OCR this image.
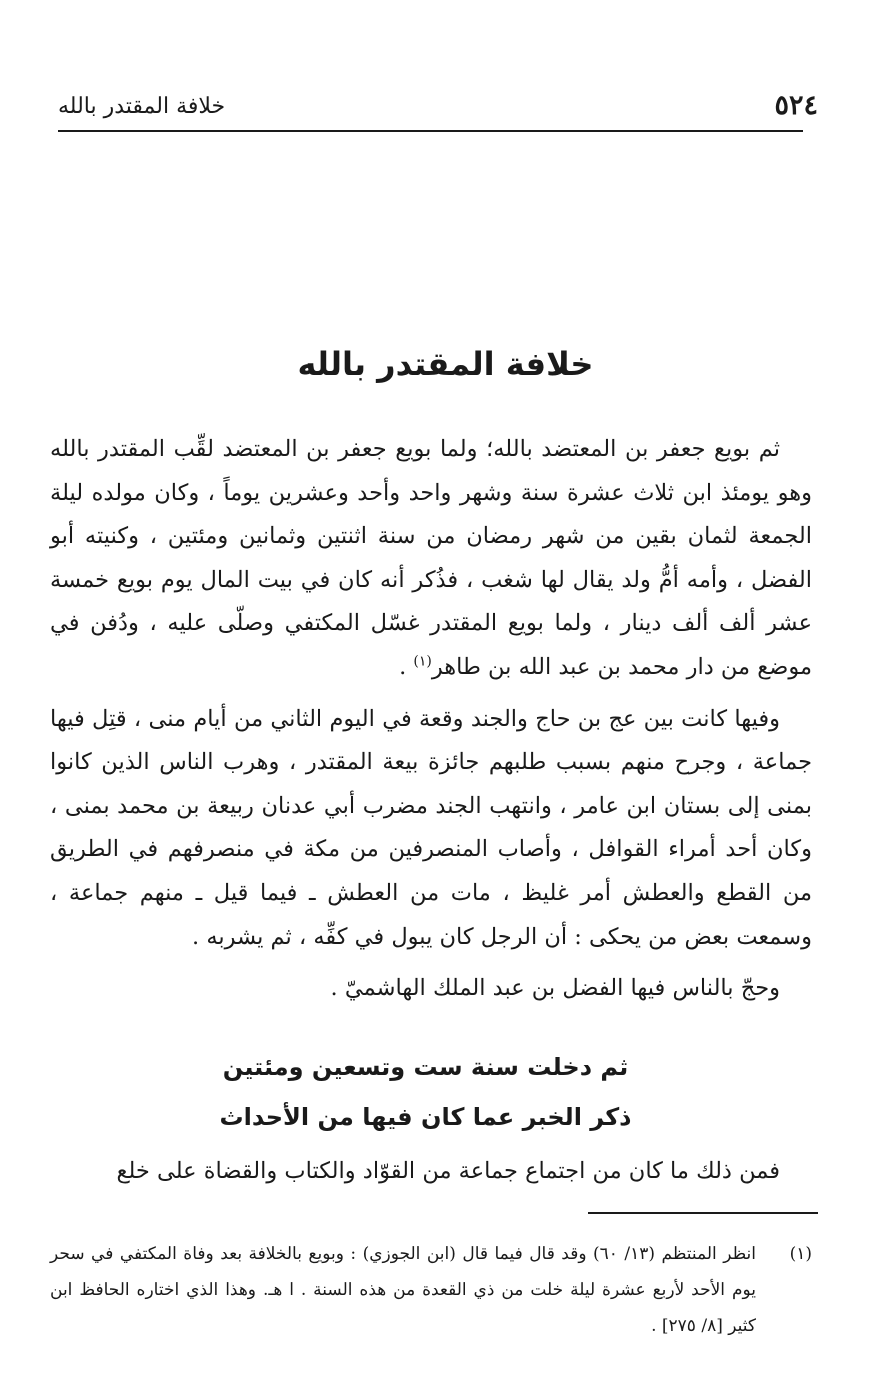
٥٢٤
خلافة المقتدر بالله
خلافة المقتدر بالله

ثم بويع جعفر بن المعتضد بالله؛ ولما بويع جعفر بن المعتضد لقِّب المقتدر بالله وهو يومئذ ابن ثلاث عشرة سنة وشهر واحد وأحد وعشرين يوماً ، وكان مولده ليلة الجمعة لثمان بقين من شهر رمضان من سنة اثنتين وثمانين ومئتين ، وكنيته أبو الفضل ، وأمه أمُّ ولد يقال لها شغب ، فذُكر أنه كان في بيت المال يوم بويع خمسة عشر ألف ألف دينار ، ولما بويع المقتدر غسّل المكتفي وصلّى عليه ، ودُفن في موضع من دار محمد بن عبد الله بن طاهر$^{(١)}$ .

وفيها كانت بين عج بن حاج والجند وقعة في اليوم الثاني من أيام منى ، قتِل فيها جماعة ، وجرح منهم بسبب طلبهم جائزة بيعة المقتدر ، وهرب الناس الذين كانوا بمنى إلى بستان ابن عامر ، وانتهب الجند مضرب أبي عدنان ربيعة بن محمد بمنى ، وكان أحد أمراء القوافل ، وأصاب المنصرفين من مكة في منصرفهم في الطريق من القطع والعطش أمر غليظ ، مات من العطش ـ فيما قيل ـ منهم جماعة ، وسمعت بعض من يحكى : أن الرجل كان يبول في كفِّه ، ثم يشربه .

وحجّ بالناس فيها الفضل بن عبد الملك الهاشميّ .

ثم دخلت سنة ست وتسعين ومئتين
ذكر الخبر عما كان فيها من الأحداث
فمن ذلك ما كان من اجتماع جماعة من القوّاد والكتاب والقضاة على خلع
(١)
انظر المنتظم (١٣/ ٦٠) وقد قال فيما قال (ابن الجوزي) : وبويع بالخلافة بعد وفاة المكتفي في سحر يوم الأحد لأربع عشرة ليلة خلت من ذي القعدة من هذه السنة . ا هـ. وهذا الذي اختاره الحافظ ابن كثير [٨/ ٢٧٥] .
